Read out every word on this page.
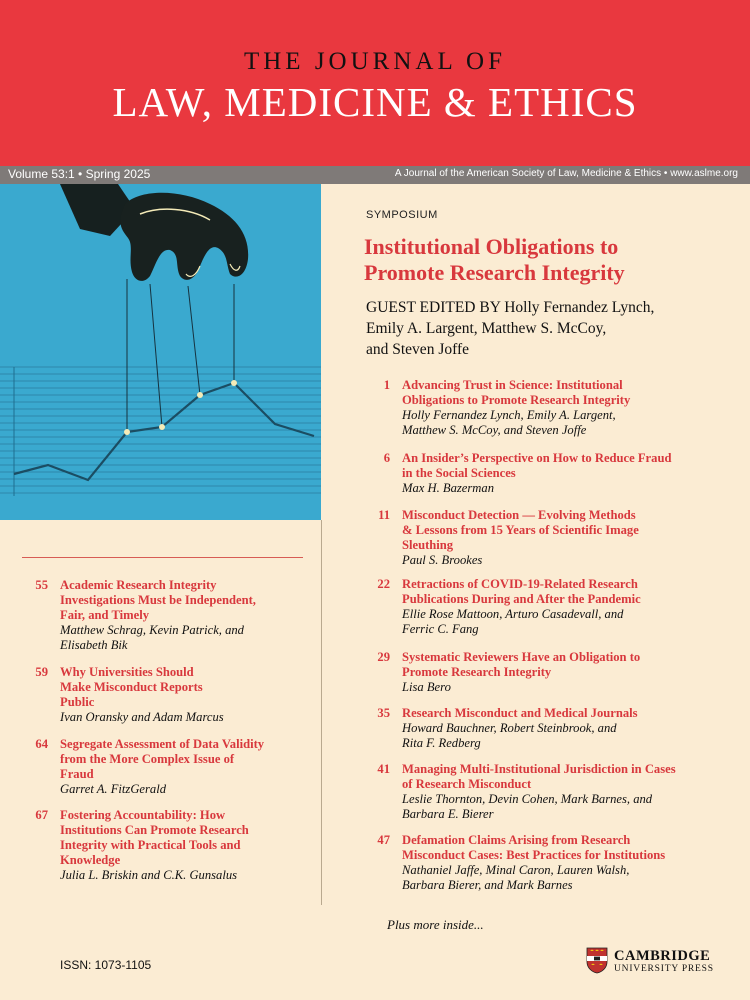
THE JOURNAL OF
LAW, MEDICINE & ETHICS
Volume 53:1 • Spring 2025	A Journal of the American Society of Law, Medicine & Ethics • www.aslme.org
SYMPOSIUM
Institutional Obligations to
Promote Research Integrity
GUEST EDITED BY Holly Fernandez Lynch,
Emily A. Largent, Matthew S. McCoy,
and Steven Joffe
1 Advancing Trust in Science: Institutional
Obligations to Promote Research Integrity
Holly Fernandez Lynch, Emily A. Largent,
Matthew S. McCoy, and Steven Joffe
6 An Insider’s Perspective on How to Reduce Fraud
in the Social Sciences
Max H. Bazerman
11 Misconduct Detection — Evolving Methods
& Lessons from 15 Years of Scientific Image
Sleuthing
Paul S. Brookes
22 Retractions of COVID-19-Related Research
Publications During and After the Pandemic
Ellie Rose Mattoon, Arturo Casadevall, and
Ferric C. Fang
29 Systematic Reviewers Have an Obligation to
Promote Research Integrity
Lisa Bero
35 Research Misconduct and Medical Journals
Howard Bauchner, Robert Steinbrook, and
Rita F. Redberg
41 Managing Multi-Institutional Jurisdiction in Cases
of Research Misconduct
Leslie Thornton, Devin Cohen, Mark Barnes, and
Barbara E. Bierer
47 Defamation Claims Arising from Research
Misconduct Cases: Best Practices for Institutions
Nathaniel Jaffe, Minal Caron, Lauren Walsh,
Barbara Bierer, and Mark Barnes
55 Academic Research Integrity
Investigations Must be Independent,
Fair, and Timely
Matthew Schrag, Kevin Patrick, and
Elisabeth Bik
59 Why Universities Should
Make Misconduct Reports
Public
Ivan Oransky and Adam Marcus
64 Segregate Assessment of Data Validity
from the More Complex Issue of
Fraud
Garret A. FitzGerald
67 Fostering Accountability: How
Institutions Can Promote Research
Integrity with Practical Tools and
Knowledge
Julia L. Briskin and C.K. Gunsalus
Plus more inside...
ISSN: 1073-1105
CAMBRIDGE
UNIVERSITY PRESS
